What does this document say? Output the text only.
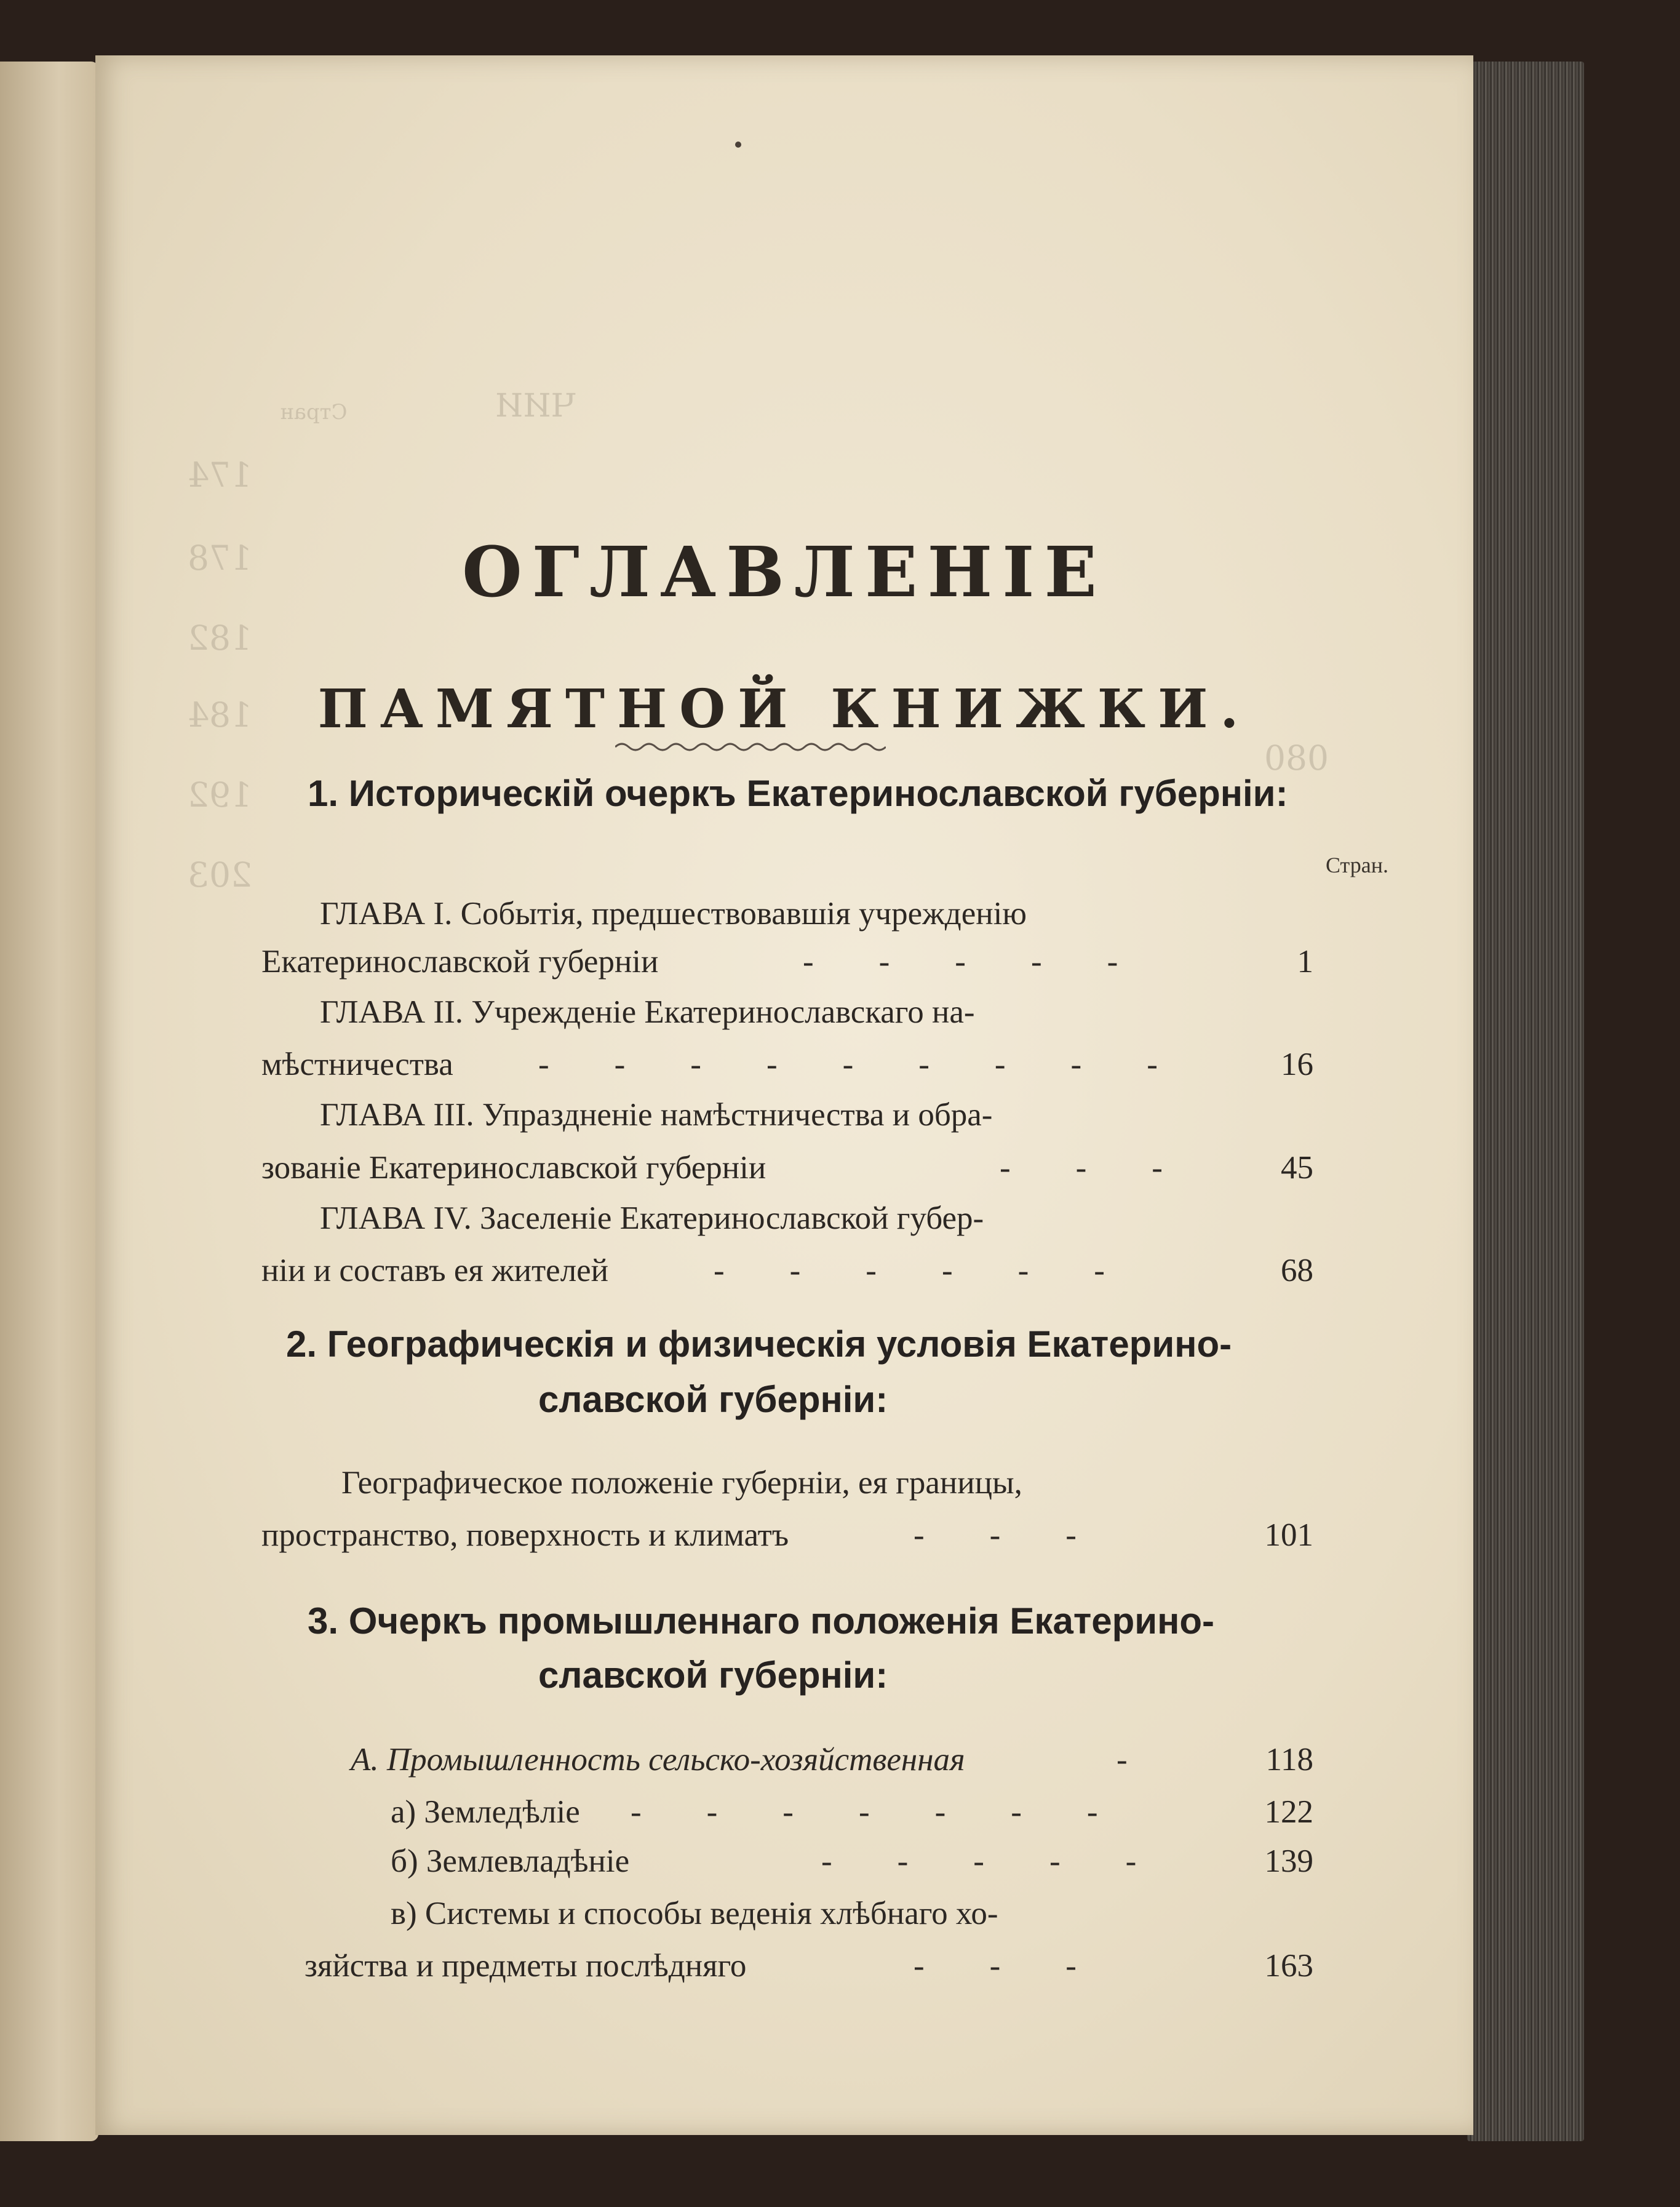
ЧИИ
Стран
174
178
182
184
192
203
080
ОГЛАВЛЕНІЕ
ПАМЯТНОЙ КНИЖКИ.
1. Историческій очеркъ Екатеринославской губерніи:
Стран.
ГЛАВА I. Событія, предшествовавшія учрежденію
Екатеринославской губерніи	-        -        -        -        -	1
ГЛАВА II. Учрежденіе Екатеринославскаго на-
мѣстничества	-        -        -        -        -        -        -        -        -	16
ГЛАВА III. Упраздненіе намѣстничества и обра-
зованіе Екатеринославской губерніи	-        -        -	45
ГЛАВА IV. Заселеніе Екатеринославской губер-
ніи и составъ ея жителей	-        -        -        -        -        -	68
2. Географическія и физическія условія Екатерино-
славской губерніи:
Географическое положеніе губерніи, ея границы,
пространство, поверхность и климатъ	-        -        -	101
3. Очеркъ промышленнаго положенія Екатерино-
славской губерніи:
А. Промышленность сельско-хозяйственная	-	118
а) Земледѣліе -        -        -        -        -        -        -	122
б) Землевладѣніе	-        -        -        -        -	139
в) Системы и способы веденія хлѣбнаго хо-
зяйства и предметы послѣдняго	-        -        -	163
